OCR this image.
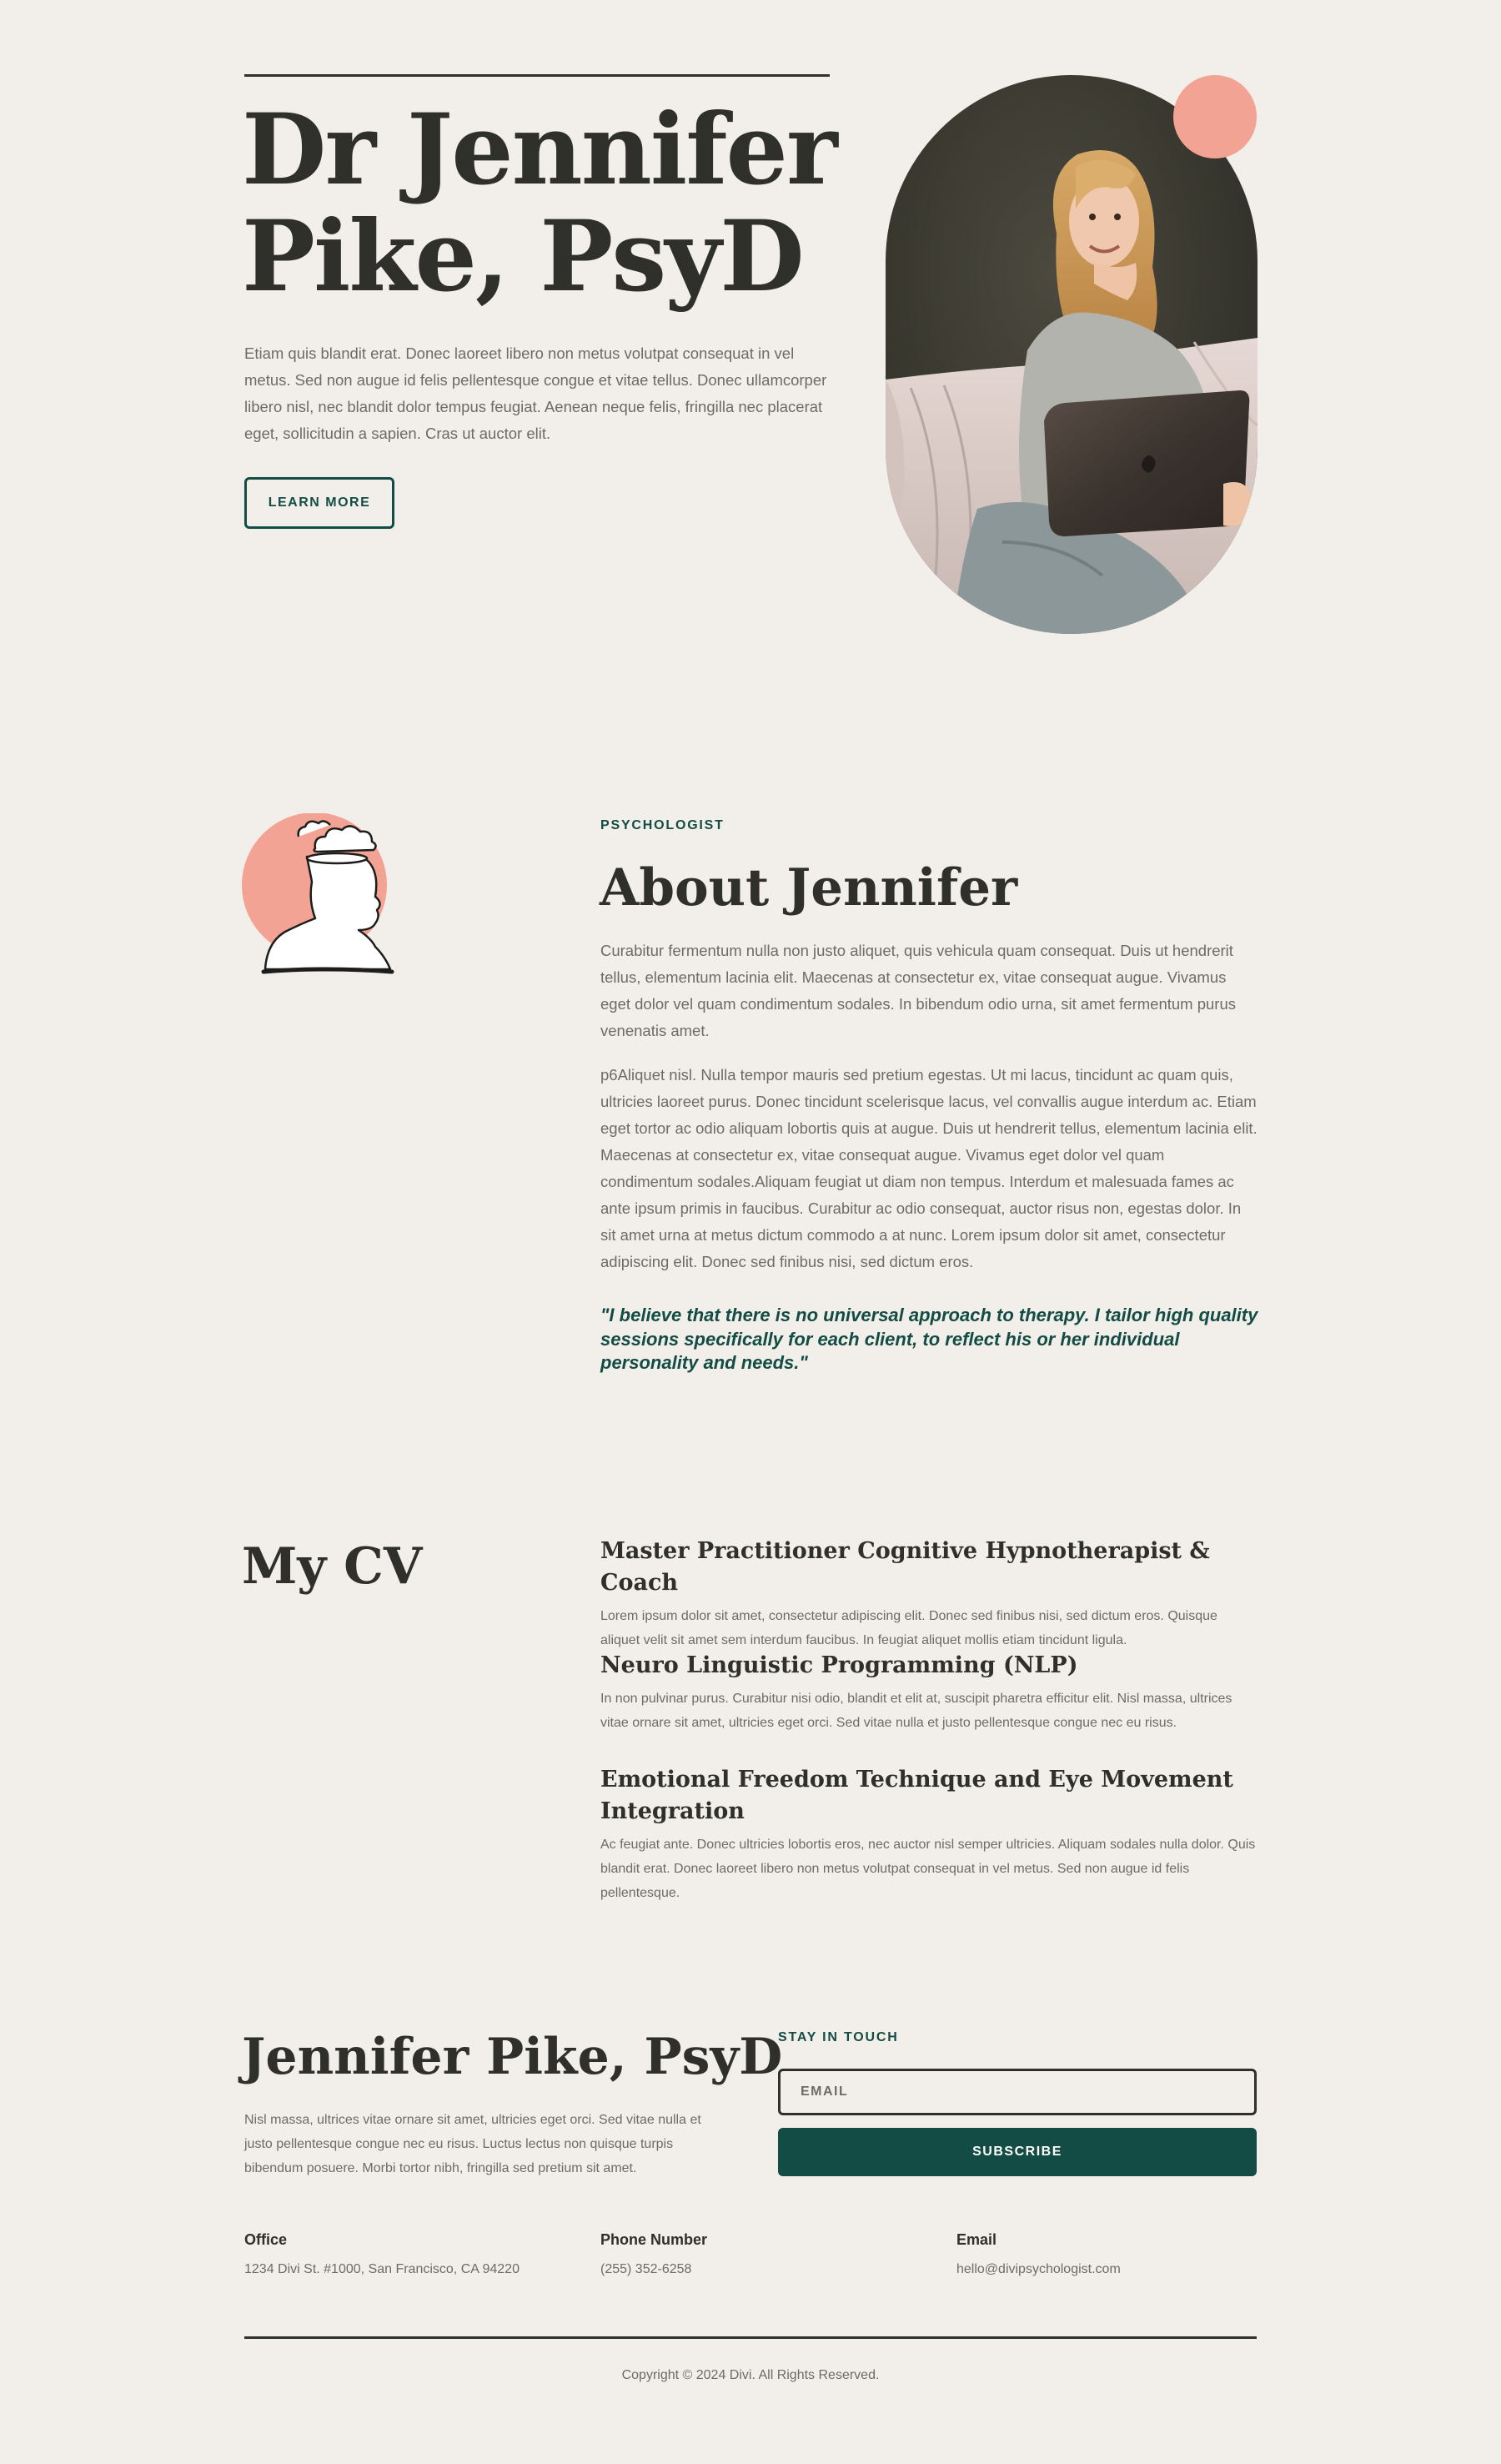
Dr Jennifer
Pike, PsyD

Etiam quis blandit erat. Donec laoreet libero non metus volutpat consequat in vel metus. Sed non augue id felis pellentesque congue et vitae tellus. Donec ullamcorper libero nisl, nec blandit dolor tempus feugiat. Aenean neque felis, fringilla nec placerat eget, sollicitudin a sapien. Cras ut auctor elit.

LEARN MORE

PSYCHOLOGIST

About Jennifer

Curabitur fermentum nulla non justo aliquet, quis vehicula quam consequat. Duis ut hendrerit tellus, elementum lacinia elit. Maecenas at consectetur ex, vitae consequat augue. Vivamus eget dolor vel quam condimentum sodales. In bibendum odio urna, sit amet fermentum purus venenatis amet.

p6Aliquet nisl. Nulla tempor mauris sed pretium egestas. Ut mi lacus, tincidunt ac quam quis, ultricies laoreet purus. Donec tincidunt scelerisque lacus, vel convallis augue interdum ac. Etiam eget tortor ac odio aliquam lobortis quis at augue. Duis ut hendrerit tellus, elementum lacinia elit. Maecenas at consectetur ex, vitae consequat augue. Vivamus eget dolor vel quam condimentum sodales.Aliquam feugiat ut diam non tempus. Interdum et malesuada fames ac ante ipsum primis in faucibus. Curabitur ac odio consequat, auctor risus non, egestas dolor. In sit amet urna at metus dictum commodo a at nunc. Lorem ipsum dolor sit amet, consectetur adipiscing elit. Donec sed finibus nisi, sed dictum eros.

"I believe that there is no universal approach to therapy. I tailor high quality sessions specifically for each client, to reflect his or her individual personality and needs."

My CV	Master Practitioner Cognitive Hypnotherapist & Coach

Lorem ipsum dolor sit amet, consectetur adipiscing elit. Donec sed finibus nisi, sed dictum eros. Quisque aliquet velit sit amet sem interdum faucibus. In feugiat aliquet mollis etiam tincidunt ligula.

Neuro Linguistic Programming (NLP)

In non pulvinar purus. Curabitur nisi odio, blandit et elit at, suscipit pharetra efficitur elit. Nisl massa, ultrices vitae ornare sit amet, ultricies eget orci. Sed vitae nulla et justo pellentesque congue nec eu risus.

Emotional Freedom Technique and Eye Movement Integration

Ac feugiat ante. Donec ultricies lobortis eros, nec auctor nisl semper ultricies. Aliquam sodales nulla dolor. Quis blandit erat. Donec laoreet libero non metus volutpat consequat in vel metus. Sed non augue id felis pellentesque.

Jennifer Pike, PsyD

Nisl massa, ultrices vitae ornare sit amet, ultricies eget orci. Sed vitae nulla et justo pellentesque congue nec eu risus. Luctus lectus non quisque turpis bibendum posuere. Morbi tortor nibh, fringilla sed pretium sit amet.

STAY IN TOUCH

EMAIL
SUBSCRIBE

Office

1234 Divi St. #1000, San Francisco, CA 94220

Phone Number

(255) 352-6258

Email

hello@divipsychologist.com

Copyright © 2024 Divi. All Rights Reserved.
